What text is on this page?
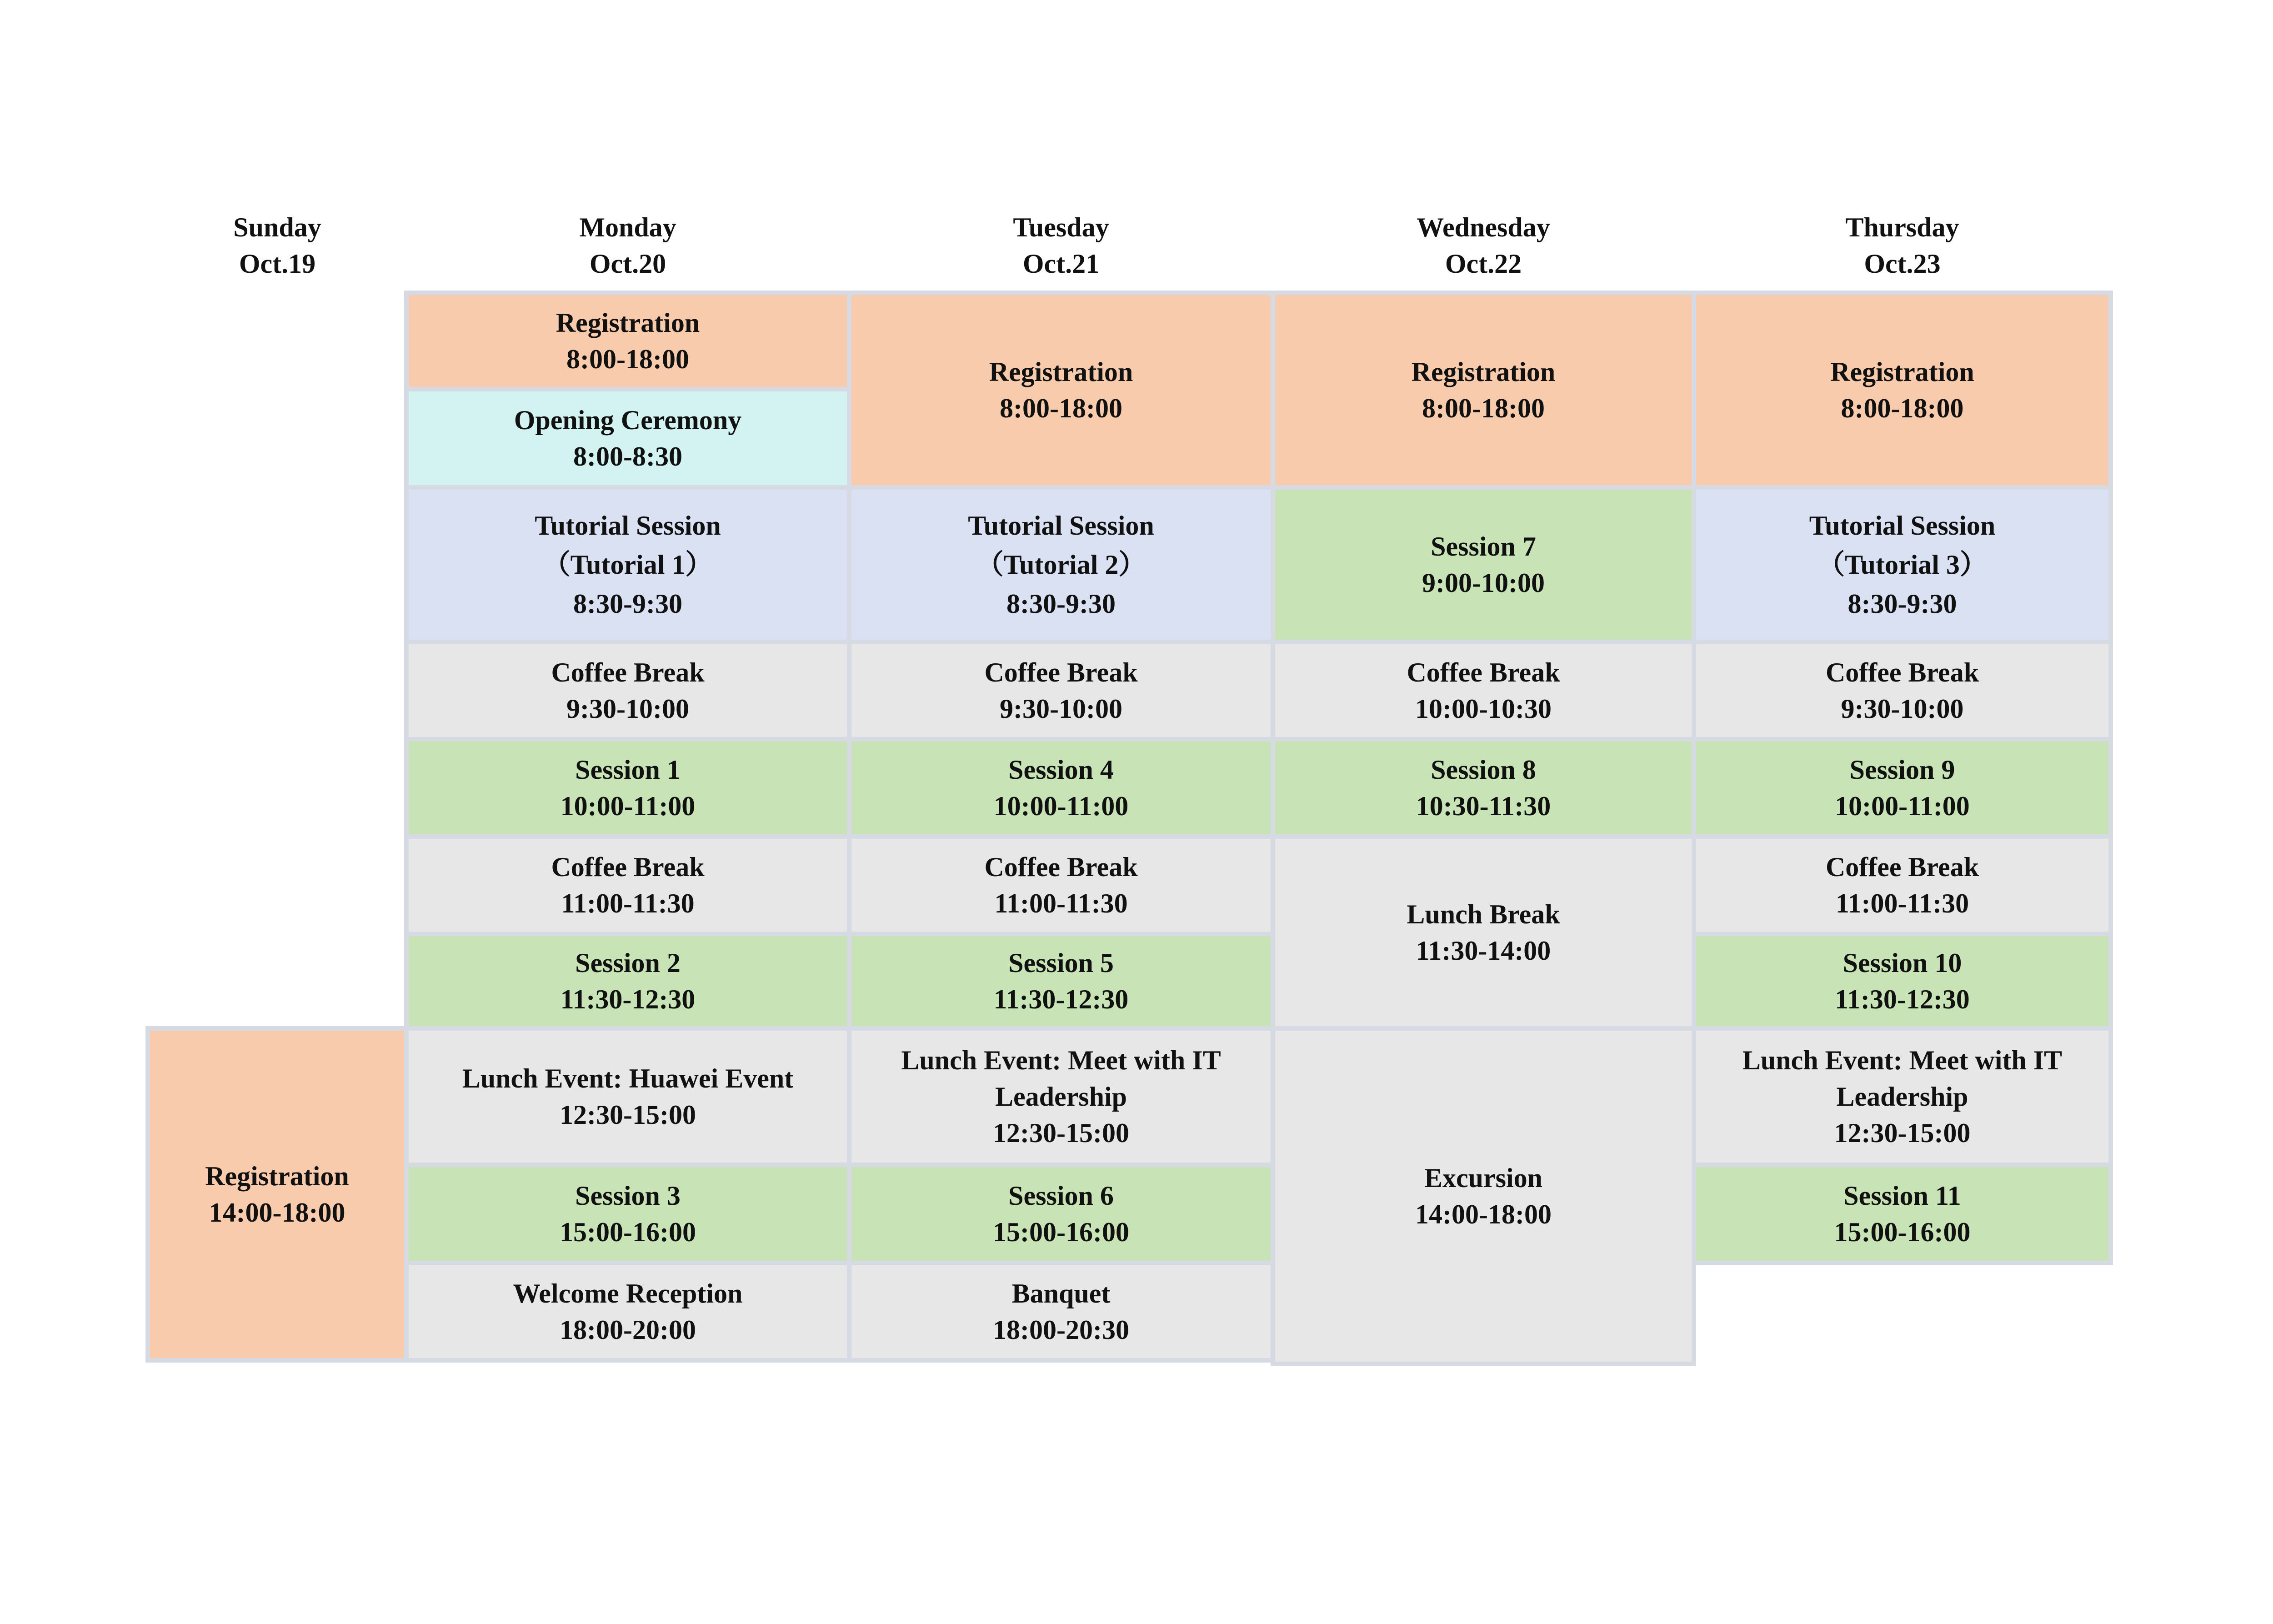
Sunday
Oct.19
Monday
Oct.20
Tuesday
Oct.21
Wednesday
Oct.22
Thursday
Oct.23
Registration
14:00-18:00
Registration
8:00-18:00
Opening Ceremony
8:00-8:30
Tutorial Session
（Tutorial 1）
8:30-9:30
Coffee Break
9:30-10:00
Session 1
10:00-11:00
Coffee Break
11:00-11:30
Session 2
11:30-12:30
Lunch Event: Huawei Event
12:30-15:00
Session 3
15:00-16:00
Welcome Reception
18:00-20:00
Registration
8:00-18:00
Tutorial Session
（Tutorial 2）
8:30-9:30
Coffee Break
9:30-10:00
Session 4
10:00-11:00
Coffee Break
11:00-11:30
Session 5
11:30-12:30
Lunch Event: Meet with IT
Leadership
12:30-15:00
Session 6
15:00-16:00
Banquet
18:00-20:30
Registration
8:00-18:00
Session 7
9:00-10:00
Coffee Break
10:00-10:30
Session 8
10:30-11:30
Lunch Break
11:30-14:00
Excursion
14:00-18:00
Registration
8:00-18:00
Tutorial Session
（Tutorial 3）
8:30-9:30
Coffee Break
9:30-10:00
Session 9
10:00-11:00
Coffee Break
11:00-11:30
Session 10
11:30-12:30
Lunch Event: Meet with IT
Leadership
12:30-15:00
Session 11
15:00-16:00
